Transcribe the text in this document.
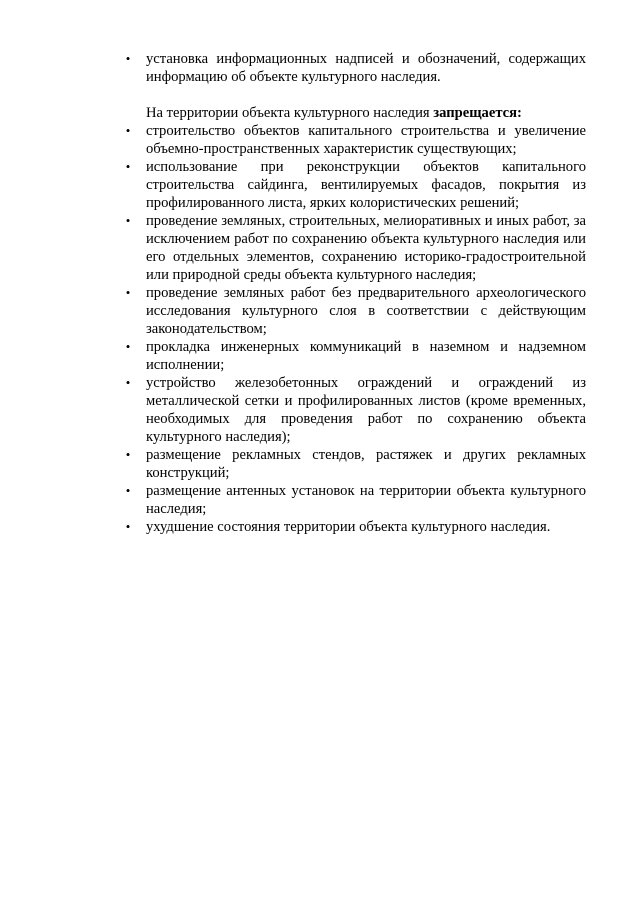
• установка информационных надписей и обозначений, содержащих информацию об объекте культурного наследия.

На территории объекта культурного наследия запрещается:

• строительство объектов капитального строительства и увеличение объемно-пространственных характеристик существующих;
• использование при реконструкции объектов капитального строительства сайдинга, вентилируемых фасадов, покрытия из профилированного листа, ярких колористических решений;
• проведение земляных, строительных, мелиоративных и иных работ, за исключением работ по сохранению объекта культурного наследия или его отдельных элементов, сохранению историко-градостроительной или природной среды объекта культурного наследия;
• проведение земляных работ без предварительного археологического исследования культурного слоя в соответствии с действующим законодательством;
• прокладка инженерных коммуникаций в наземном и надземном исполнении;
• устройство железобетонных ограждений и ограждений из металлической сетки и профилированных листов (кроме временных, необходимых для проведения работ по сохранению объекта культурного наследия);
• размещение рекламных стендов, растяжек и других рекламных конструкций;
• размещение антенных установок на территории объекта культурного наследия;
• ухудшение состояния территории объекта культурного наследия.
